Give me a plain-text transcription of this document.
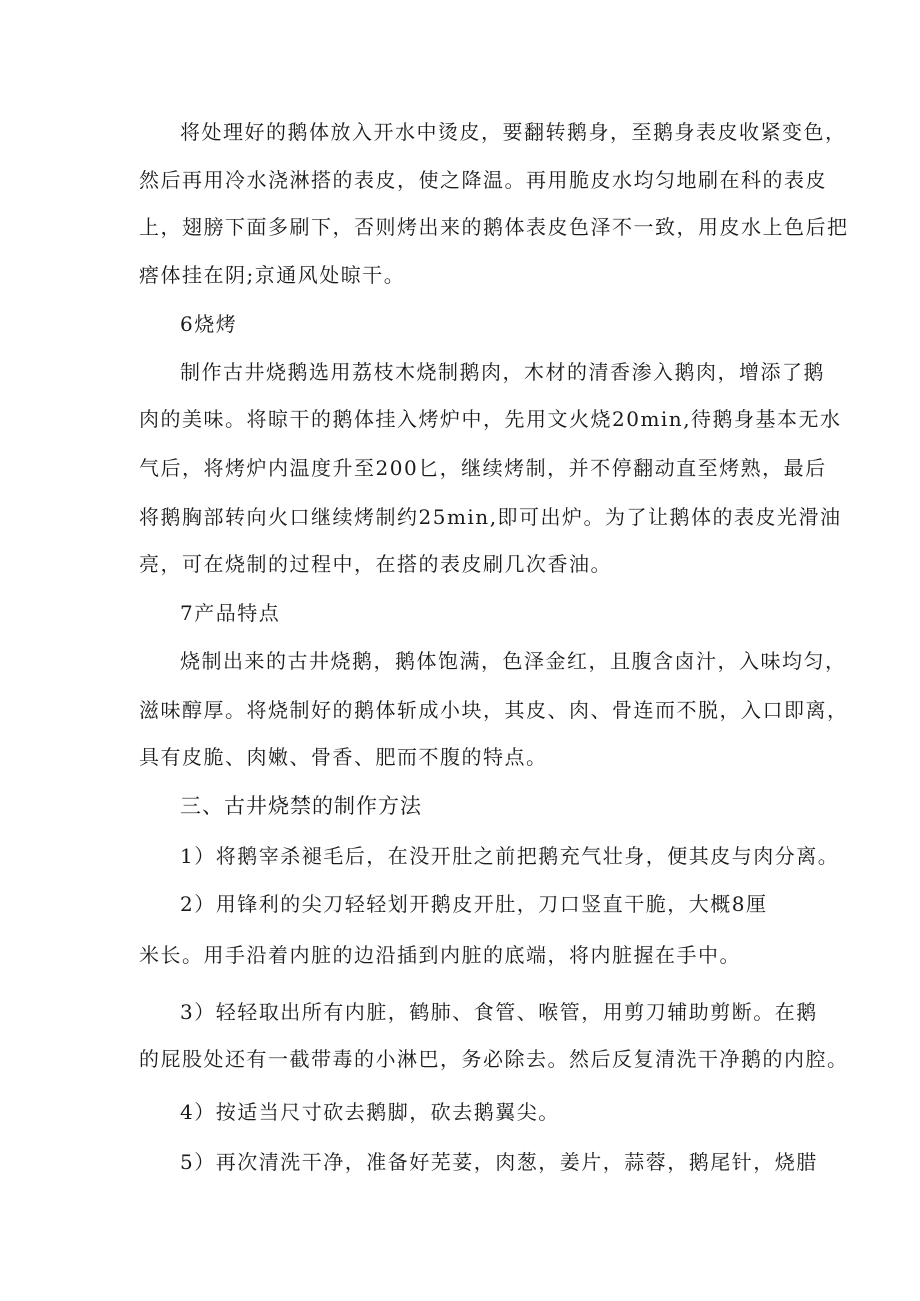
将处理好的鹅体放入开水中烫皮，要翻转鹅身，至鹅身表皮收紧变色，
然后再用冷水浇淋搭的表皮，使之降温。再用脆皮水均匀地刷在科的表皮
上，翅膀下面多刷下，否则烤出来的鹅体表皮色泽不一致，用皮水上色后把
瘩体挂在阴;京通风处晾干。
6烧烤
制作古井烧鹅选用荔枝木烧制鹅肉，木材的清香渗入鹅肉，增添了鹅
肉的美味。将晾干的鹅体挂入烤炉中，先用文火烧20min,待鹅身基本无水
气后，将烤炉内温度升至200匕，继续烤制，并不停翻动直至烤熟，最后
将鹅胸部转向火口继续烤制约25min,即可出炉。为了让鹅体的表皮光滑油
亮，可在烧制的过程中，在搭的表皮刷几次香油。
7产品特点
烧制出来的古井烧鹅，鹅体饱满，色泽金红，且腹含卤汁，入味均匀，
滋味醇厚。将烧制好的鹅体斩成小块，其皮、肉、骨连而不脱，入口即离，
具有皮脆、肉嫩、骨香、肥而不腹的特点。
三、古井烧禁的制作方法
1）将鹅宰杀褪毛后，在没开肚之前把鹅充气壮身，便其皮与肉分离。
2）用锋利的尖刀轻轻划开鹅皮开肚，刀口竖直干脆，大概8厘
米长。用手沿着内脏的边沿插到内脏的底端，将内脏握在手中。
3）轻轻取出所有内脏，鹤肺、食管、喉管，用剪刀辅助剪断。在鹅
的屁股处还有一截带毒的小淋巴，务必除去。然后反复清洗干净鹅的内腔。
4）按适当尺寸砍去鹅脚，砍去鹅翼尖。
5）再次清洗干净，准备好芜荽，肉葱，姜片，蒜蓉，鹅尾针，烧腊
